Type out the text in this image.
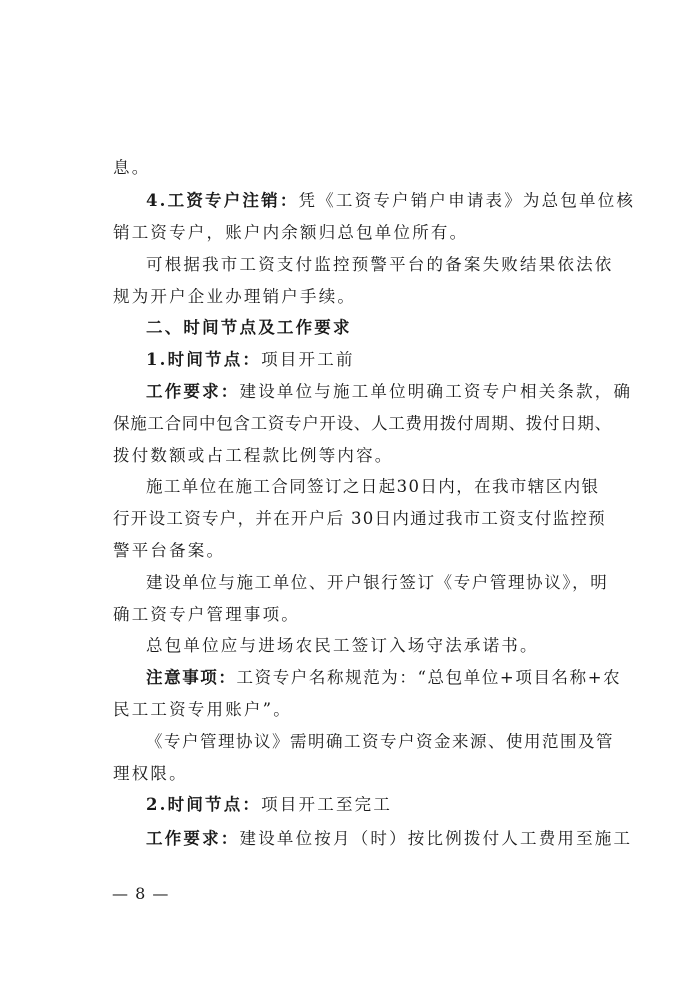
息。
4.工资专户注销：凭《工资专户销户申请表》为总包单位核
销工资专户，账户内余额归总包单位所有。
可根据我市工资支付监控预警平台的备案失败结果依法依
规为开户企业办理销户手续。
二、时间节点及工作要求
1.时间节点：项目开工前
工作要求：建设单位与施工单位明确工资专户相关条款，确
保施工合同中包含工资专户开设、人工费用拨付周期、拨付日期、
拨付数额或占工程款比例等内容。
施工单位在施工合同签订之日起30日内，在我市辖区内银
行开设工资专户，并在开户后 30日内通过我市工资支付监控预
警平台备案。
建设单位与施工单位、开户银行签订《专户管理协议》，明
确工资专户管理事项。
总包单位应与进场农民工签订入场守法承诺书。
注意事项：工资专户名称规范为：“总包单位+项目名称+农
民工工资专用账户”。
《专户管理协议》需明确工资专户资金来源、使用范围及管
理权限。
2.时间节点：项目开工至完工
工作要求：建设单位按月（时）按比例拨付人工费用至施工
— 8 —
